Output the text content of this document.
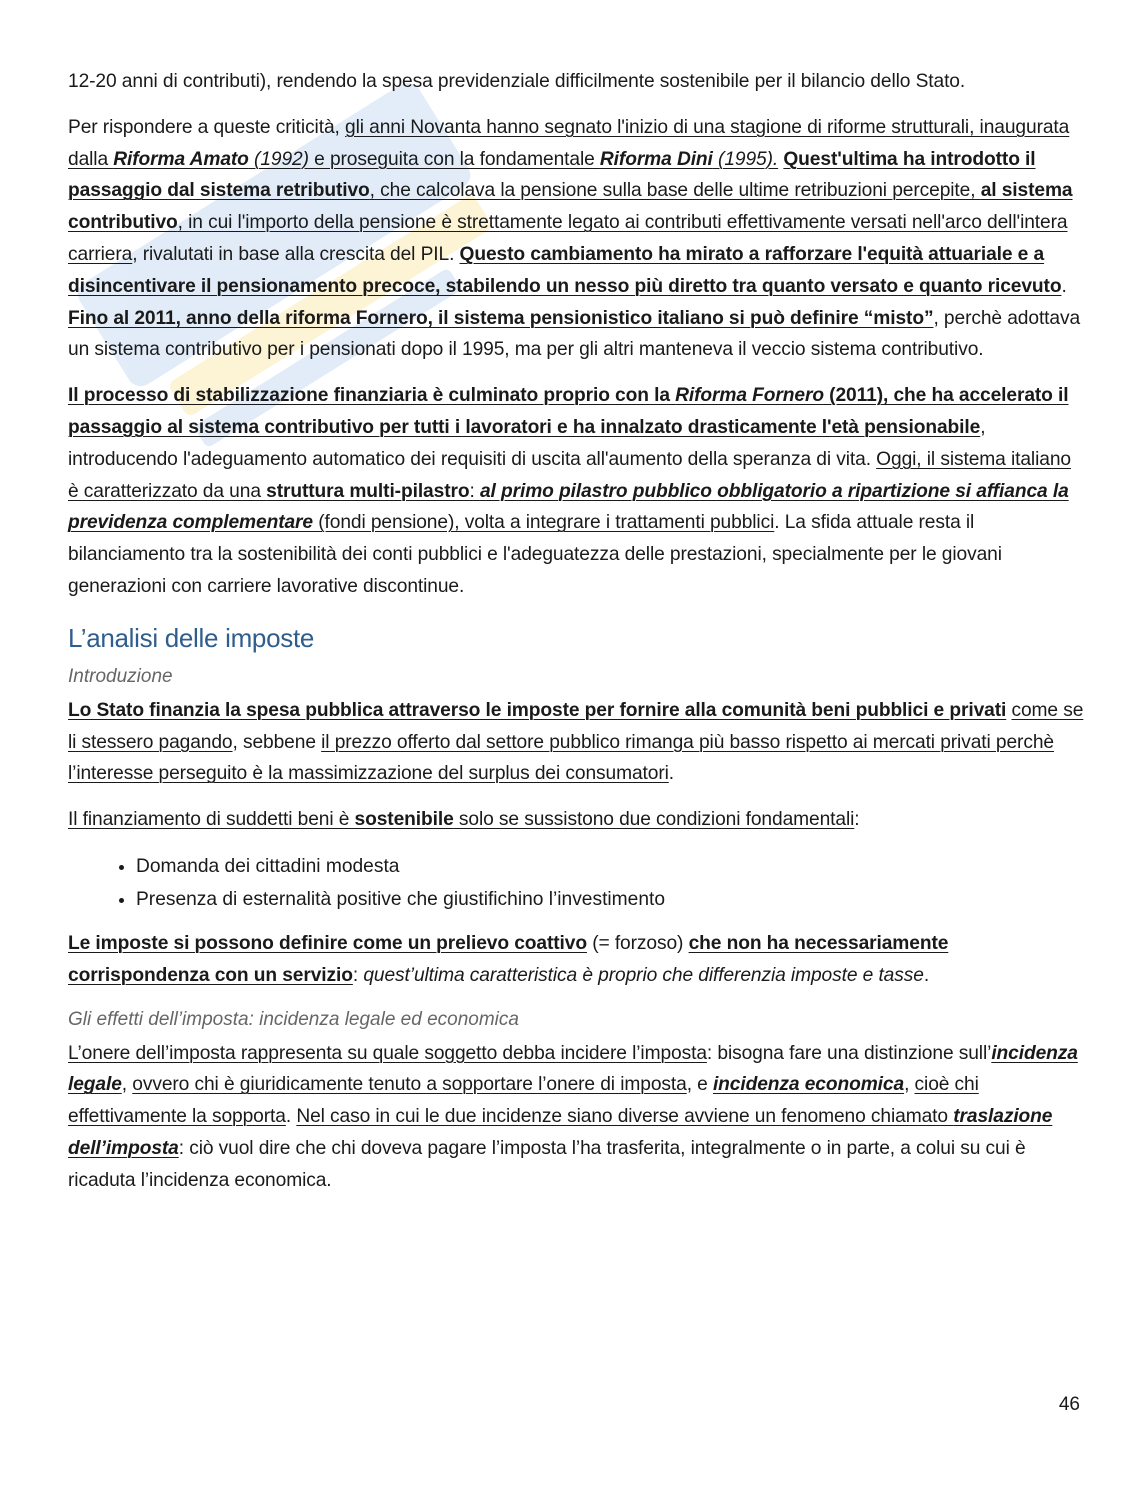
12-20 anni di contributi), rendendo la spesa previdenziale difficilmente sostenibile per il bilancio dello Stato.

Per rispondere a queste criticità, gli anni Novanta hanno segnato l'inizio di una stagione di riforme strutturali, inaugurata dalla Riforma Amato (1992) e proseguita con la fondamentale Riforma Dini (1995). Quest'ultima ha introdotto il passaggio dal sistema retributivo, che calcolava la pensione sulla base delle ultime retribuzioni percepite, al sistema contributivo, in cui l'importo della pensione è strettamente legato ai contributi effettivamente versati nell'arco dell'intera carriera, rivalutati in base alla crescita del PIL. Questo cambiamento ha mirato a rafforzare l'equità attuariale e a disincentivare il pensionamento precoce, stabilendo un nesso più diretto tra quanto versato e quanto ricevuto. Fino al 2011, anno della riforma Fornero, il sistema pensionistico italiano si può definire “misto”, perchè adottava un sistema contributivo per i pensionati dopo il 1995, ma per gli altri manteneva il veccio sistema contributivo.

Il processo di stabilizzazione finanziaria è culminato proprio con la Riforma Fornero (2011), che ha accelerato il passaggio al sistema contributivo per tutti i lavoratori e ha innalzato drasticamente l'età pensionabile, introducendo l'adeguamento automatico dei requisiti di uscita all'aumento della speranza di vita. Oggi, il sistema italiano è caratterizzato da una struttura multi-pilastro: al primo pilastro pubblico obbligatorio a ripartizione si affianca la previdenza complementare (fondi pensione), volta a integrare i trattamenti pubblici. La sfida attuale resta il bilanciamento tra la sostenibilità dei conti pubblici e l'adeguatezza delle prestazioni, specialmente per le giovani generazioni con carriere lavorative discontinue.

L’analisi delle imposte
Introduzione

Lo Stato finanzia la spesa pubblica attraverso le imposte per fornire alla comunità beni pubblici e privati come se li stessero pagando, sebbene il prezzo offerto dal settore pubblico rimanga più basso rispetto ai mercati privati perchè l’interesse perseguito è la massimizzazione del surplus dei consumatori.

Il finanziamento di suddetti beni è sostenibile solo se sussistono due condizioni fondamentali:

• Domanda dei cittadini modesta
• Presenza di esternalità positive che giustifichino l’investimento

Le imposte si possono definire come un prelievo coattivo (= forzoso) che non ha necessariamente corrispondenza con un servizio: quest’ultima caratteristica è proprio che differenzia imposte e tasse.

Gli effetti dell’imposta: incidenza legale ed economica

L’onere dell’imposta rappresenta su quale soggetto debba incidere l’imposta: bisogna fare una distinzione sull’incidenza legale, ovvero chi è giuridicamente tenuto a sopportare l’onere di imposta, e incidenza economica, cioè chi effettivamente la sopporta. Nel caso in cui le due incidenze siano diverse avviene un fenomeno chiamato traslazione dell’imposta: ciò vuol dire che chi doveva pagare l’imposta l’ha trasferita, integralmente o in parte, a colui su cui è ricaduta l’incidenza economica.

46
